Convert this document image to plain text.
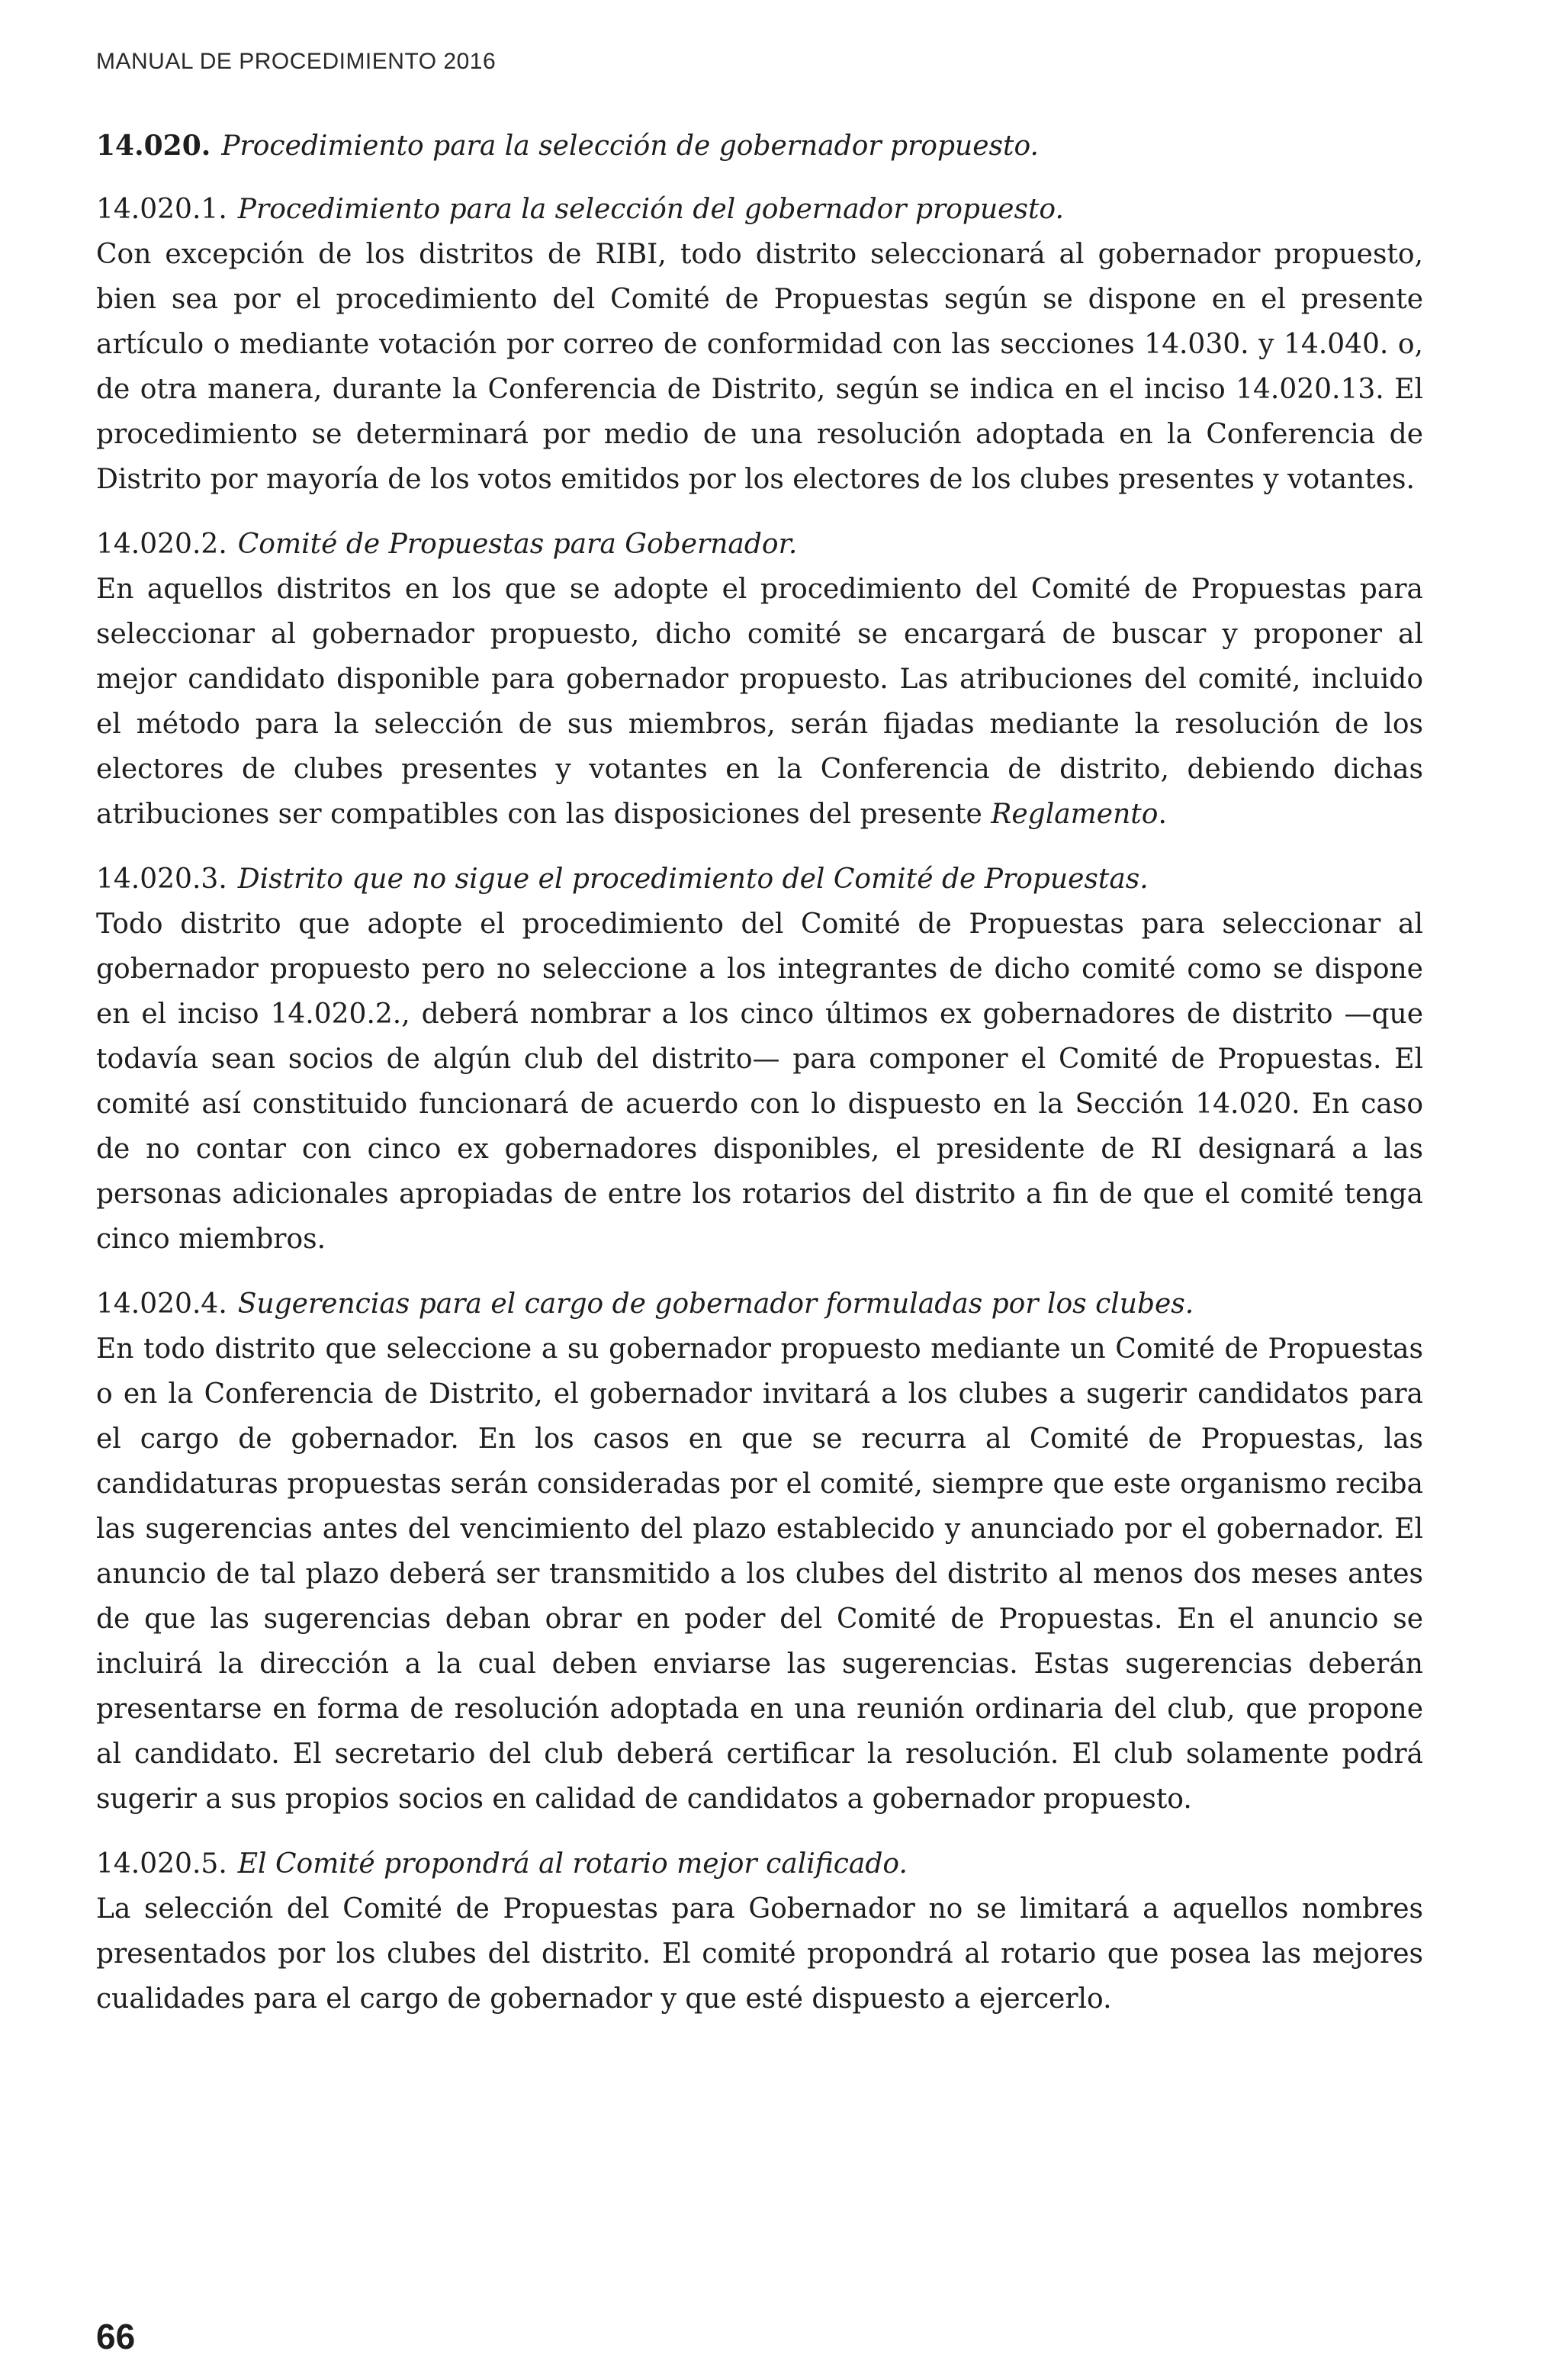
MANUAL DE PROCEDIMIENTO 2016
14.020. Procedimiento para la selección de gobernador propuesto.
14.020.1. Procedimiento para la selección del gobernador propuesto.

Con excepción de los distritos de RIBI, todo distrito seleccionará al gobernador propuesto, bien sea por el procedimiento del Comité de Propuestas según se dispone en el presente artículo o mediante votación por correo de conformidad con las secciones 14.030. y 14.040. o, de otra manera, durante la Conferencia de Distrito, según se indica en el inciso 14.020.13. El procedimiento se determinará por medio de una resolución adoptada en la Conferencia de Distrito por mayoría de los votos emitidos por los electores de los clubes presentes y votantes.

14.020.2. Comité de Propuestas para Gobernador.

En aquellos distritos en los que se adopte el procedimiento del Comité de Propuestas para seleccionar al gobernador propuesto, dicho comité se encargará de buscar y proponer al mejor candidato disponible para gobernador propuesto. Las atribuciones del comité, incluido el método para la selección de sus miembros, serán fijadas mediante la resolución de los electores de clubes presentes y votantes en la Conferencia de distrito, debiendo dichas atribuciones ser compatibles con las disposiciones del presente Reglamento.

14.020.3. Distrito que no sigue el procedimiento del Comité de Propuestas.

Todo distrito que adopte el procedimiento del Comité de Propuestas para seleccionar al gobernador propuesto pero no seleccione a los integrantes de dicho comité como se dispone en el inciso 14.020.2., deberá nombrar a los cinco últimos ex gobernadores de distrito —que todavía sean socios de algún club del distrito— para componer el Comité de Propuestas. El comité así constituido funcionará de acuerdo con lo dispuesto en la Sección 14.020. En caso de no contar con cinco ex gobernadores disponibles, el presidente de RI designará a las personas adicionales apropiadas de entre los rotarios del distrito a fin de que el comité tenga cinco miembros.

14.020.4. Sugerencias para el cargo de gobernador formuladas por los clubes.

En todo distrito que seleccione a su gobernador propuesto mediante un Comité de Propuestas o en la Conferencia de Distrito, el gobernador invitará a los clubes a sugerir candidatos para el cargo de gobernador. En los casos en que se recurra al Comité de Propuestas, las candidaturas propuestas serán consideradas por el comité, siempre que este organismo reciba las sugerencias antes del vencimiento del plazo establecido y anunciado por el gobernador. El anuncio de tal plazo deberá ser transmitido a los clubes del distrito al menos dos meses antes de que las sugerencias deban obrar en poder del Comité de Propuestas. En el anuncio se incluirá la dirección a la cual deben enviarse las sugerencias. Estas sugerencias deberán presentarse en forma de resolución adoptada en una reunión ordinaria del club, que propone al candidato. El secretario del club deberá certificar la resolución. El club solamente podrá sugerir a sus propios socios en calidad de candidatos a gobernador propuesto.

14.020.5. El Comité propondrá al rotario mejor calificado.

La selección del Comité de Propuestas para Gobernador no se limitará a aquellos nombres presentados por los clubes del distrito. El comité propondrá al rotario que posea las mejores cualidades para el cargo de gobernador y que esté dispuesto a ejercerlo.

66
